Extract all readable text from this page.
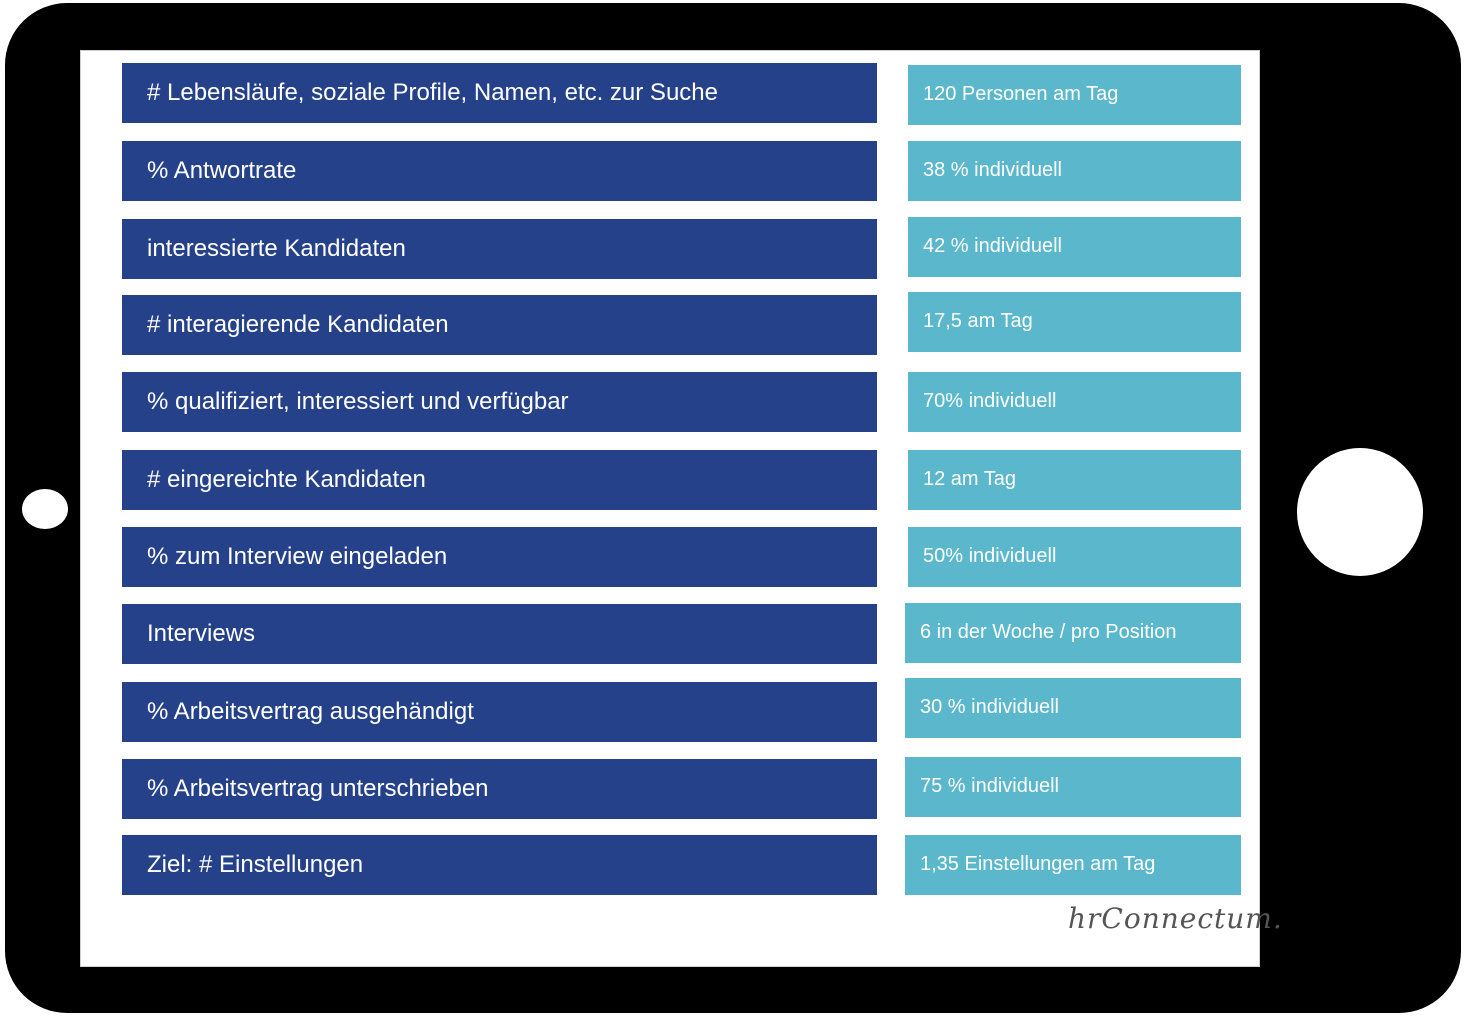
# Lebensläufe, soziale Profile, Namen, etc. zur Suche
% Antwortrate
interessierte Kandidaten
# interagierende Kandidaten
% qualifiziert, interessiert und verfügbar
# eingereichte Kandidaten
% zum Interview eingeladen
Interviews
% Arbeitsvertrag ausgehändigt
% Arbeitsvertrag unterschrieben
Ziel: # Einstellungen
120 Personen am Tag
38 % individuell
42 % individuell
17,5 am Tag
70% individuell
12 am Tag
50% individuell
6 in der Woche / pro Position
30 % individuell
75 % individuell
1,35 Einstellungen am Tag
hrConnectum.
